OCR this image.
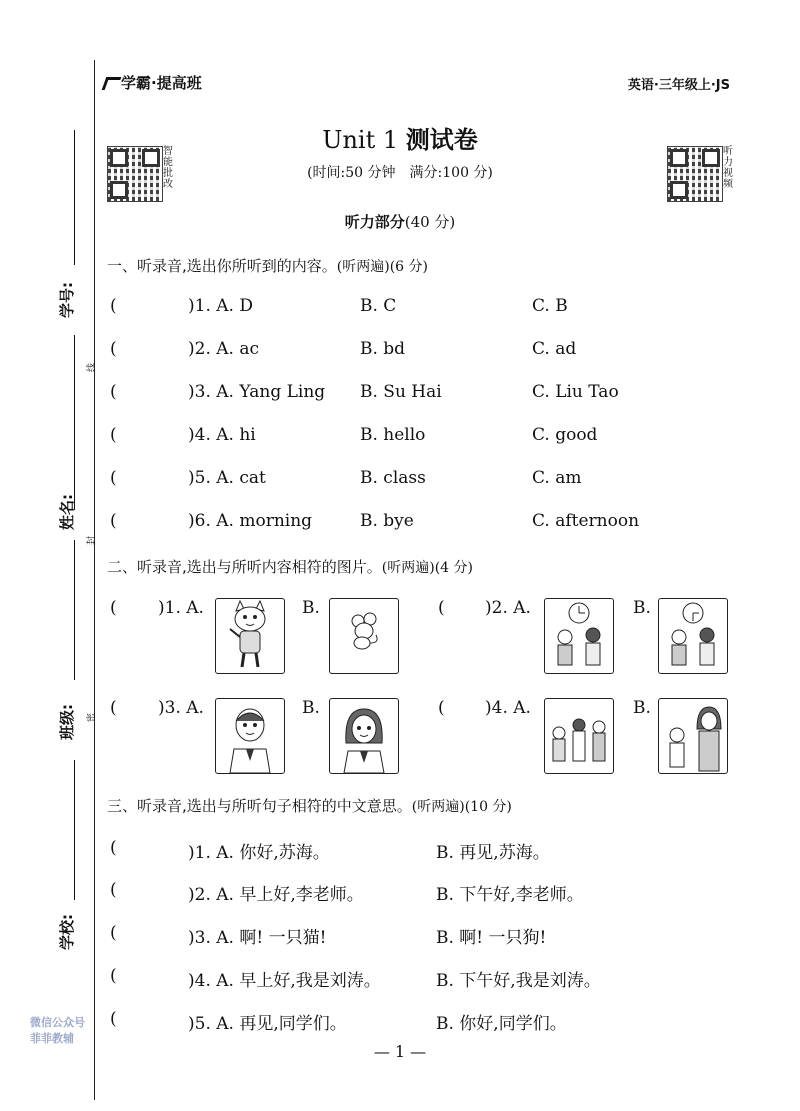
学霸·提高班	英语·三年级上·JS
学号:
姓名:
班级:
学校:
线
封
密
智能批改
听力视频
Unit 1 测试卷
(时间:50 分钟　满分:100 分)
听力部分(40 分)
一、听录音,选出你所听到的内容。(听两遍)(6 分)
(	)1. A. D	B. C	C. B
(	)2. A. ac	B. bd	C. ad
(	)3. A. Yang Ling B. Su Hai	C. Liu Tao
(	)4. A. hi	B. hello	C. good
(	)5. A. cat	B. class	C. am
(	)6. A. morning	B. bye	C. afternoon
二、听录音,选出与所听内容相符的图片。(听两遍)(4 分)
( )1. A.	B.	( )2. A.	B.
( )3. A.	B.	( )4. A.	B.
三、听录音,选出与所听句子相符的中文意思。(听两遍)(10 分)
(	)1. A. 你好,苏海。	B. 再见,苏海。
(	)2. A. 早上好,李老师。	B. 下午好,李老师。
(	)3. A. 啊! 一只猫!	B. 啊! 一只狗!
(	)4. A. 早上好,我是刘涛。	B. 下午好,我是刘涛。
(	)5. A. 再见,同学们。	B. 你好,同学们。
— 1 —
微信公众号
菲菲教辅
